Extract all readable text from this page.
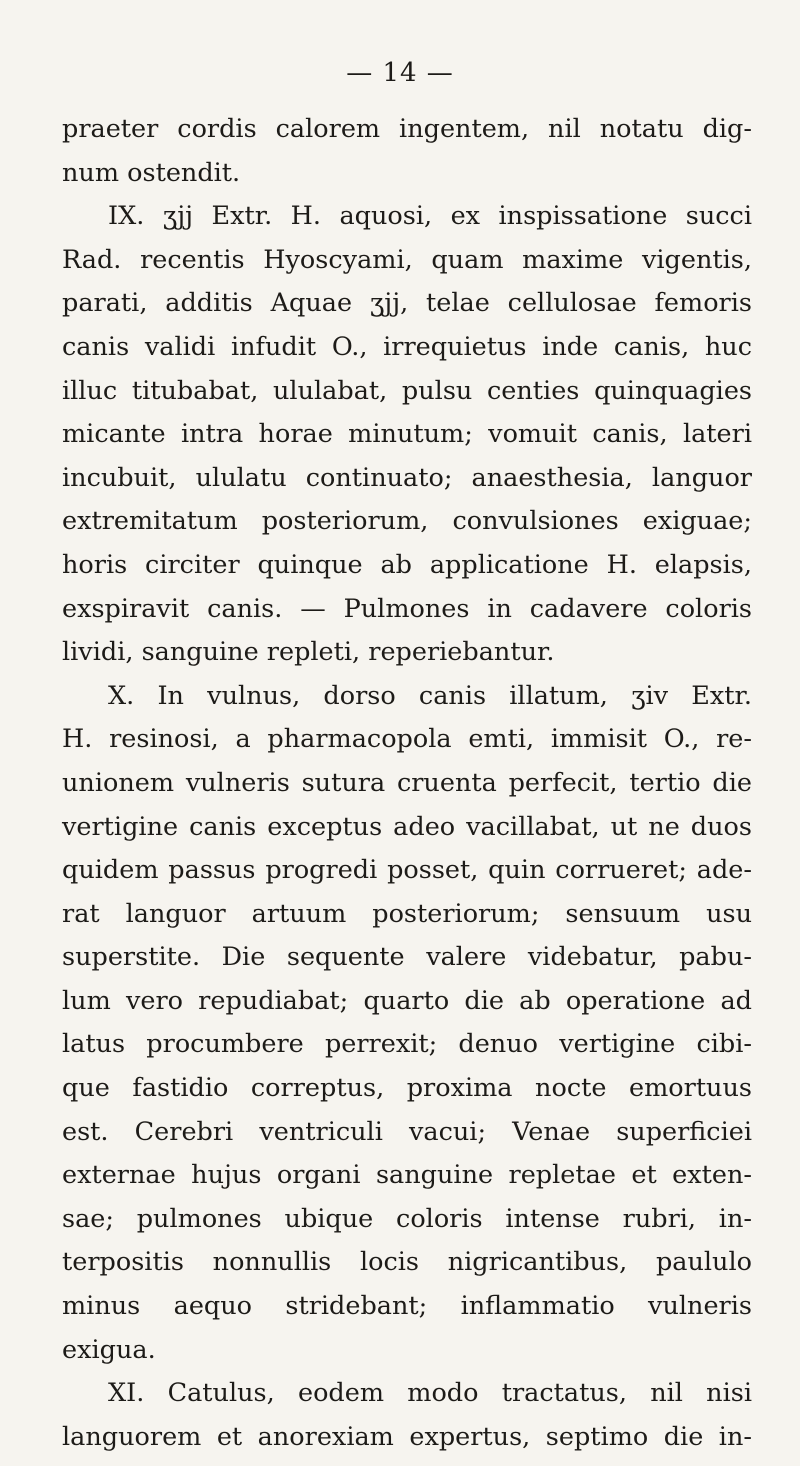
— 14 —
praeter cordis calorem ingentem, nil notatu dig-
num ostendit.
IX. ʒjj Extr. H. aquosi, ex inspissatione succi
Rad. recentis Hyoscyami, quam maxime vigentis,
parati, additis Aquae ʒjj, telae cellulosae femoris
canis validi infudit O., irrequietus inde canis, huc
illuc titubabat, ululabat, pulsu centies quinquagies
micante intra horae minutum; vomuit canis, lateri
incubuit, ululatu continuato; anaesthesia, languor
extremitatum posteriorum, convulsiones exiguae;
horis circiter quinque ab applicatione H. elapsis,
exspiravit canis. — Pulmones in cadavere coloris
lividi, sanguine repleti, reperiebantur.
X. In vulnus, dorso canis illatum, ʒiv Extr.
H. resinosi, a pharmacopola emti, immisit O., re-
unionem vulneris sutura cruenta perfecit, tertio die
vertigine canis exceptus adeo vacillabat, ut ne duos
quidem passus progredi posset, quin corrueret; ade-
rat languor artuum posteriorum; sensuum usu
superstite. Die sequente valere videbatur, pabu-
lum vero repudiabat; quarto die ab operatione ad
latus procumbere perrexit; denuo vertigine cibi-
que fastidio correptus, proxima nocte emortuus
est. Cerebri ventriculi vacui; Venae superficiei
externae hujus organi sanguine repletae et exten-
sae; pulmones ubique coloris intense rubri, in-
terpositis nonnullis locis nigricantibus, paululo
minus aequo stridebant; inflammatio vulneris
exigua.
XI. Catulus, eodem modo tractatus, nil nisi
languorem et anorexiam expertus, septimo die in-
